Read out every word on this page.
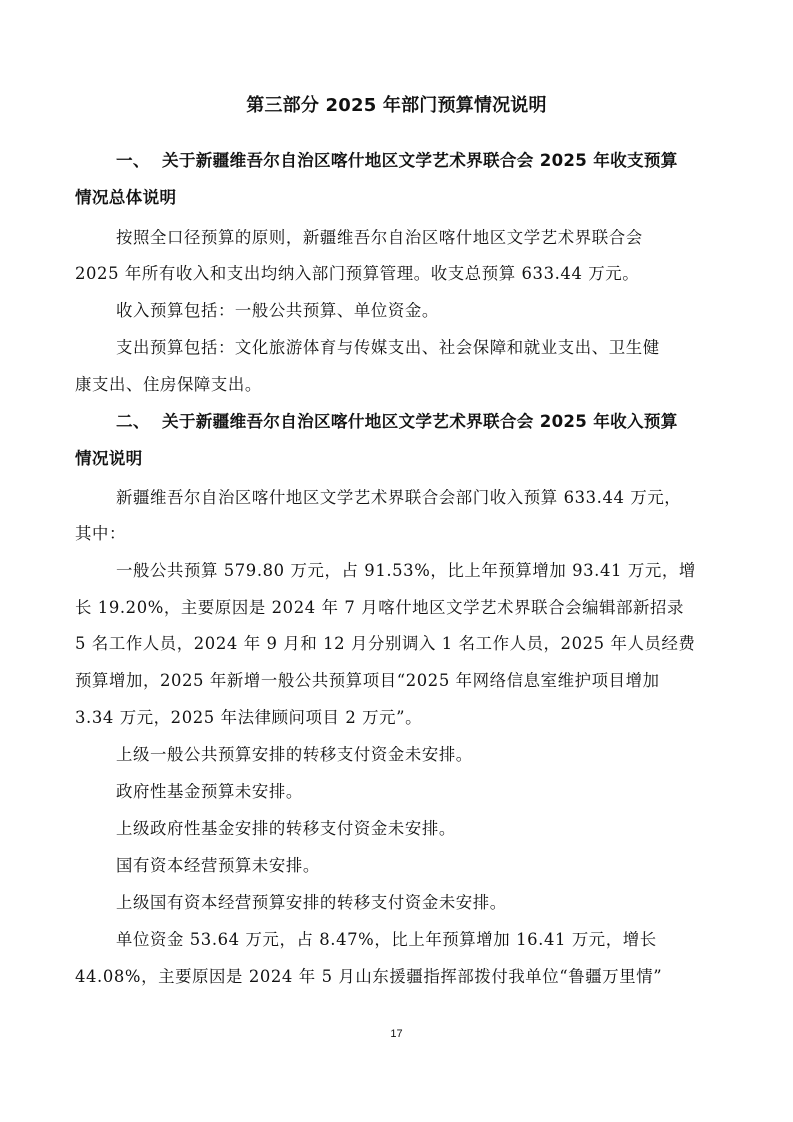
第三部分 2025 年部门预算情况说明
一、 关于新疆维吾尔自治区喀什地区文学艺术界联合会 2025 年收支预算
情况总体说明
按照全口径预算的原则，新疆维吾尔自治区喀什地区文学艺术界联合会
2025 年所有收入和支出均纳入部门预算管理。收支总预算 633.44 万元。
收入预算包括：一般公共预算、单位资金。
支出预算包括：文化旅游体育与传媒支出、社会保障和就业支出、卫生健
康支出、住房保障支出。
二、 关于新疆维吾尔自治区喀什地区文学艺术界联合会 2025 年收入预算
情况说明
新疆维吾尔自治区喀什地区文学艺术界联合会部门收入预算 633.44 万元，
其中：
一般公共预算 579.80 万元，占 91.53%，比上年预算增加 93.41 万元，增
长 19.20%，主要原因是 2024 年 7 月喀什地区文学艺术界联合会编辑部新招录
5 名工作人员，2024 年 9 月和 12 月分别调入 1 名工作人员，2025 年人员经费
预算增加，2025 年新增一般公共预算项目“2025 年网络信息室维护项目增加
3.34 万元，2025 年法律顾问项目 2 万元”。
上级一般公共预算安排的转移支付资金未安排。
政府性基金预算未安排。
上级政府性基金安排的转移支付资金未安排。
国有资本经营预算未安排。
上级国有资本经营预算安排的转移支付资金未安排。
单位资金 53.64 万元，占 8.47%，比上年预算增加 16.41 万元，增长
44.08%，主要原因是 2024 年 5 月山东援疆指挥部拨付我单位“鲁疆万里情”
17
